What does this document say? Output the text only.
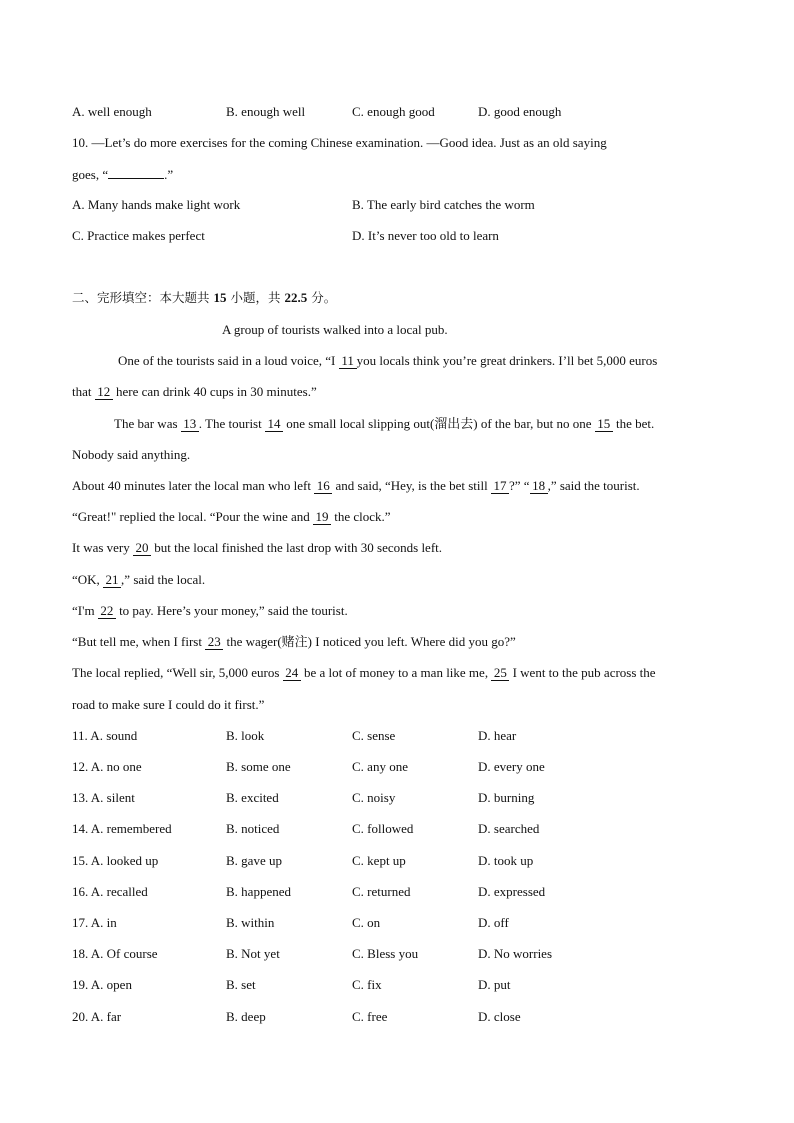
A. well enough	B. enough well	C. enough good	D. good enough
10. —Let’s do more exercises for the coming Chinese examination. —Good idea. Just as an old saying
goes, “	.”
A. Many hands make light work	B. The early bird catches the worm
C. Practice makes perfect	D. It’s never too old to learn
二、完形填空：本大题共 15 小题，共 22.5 分。
A group of tourists walked into a local pub.
One of the tourists said in a loud voice, “I 11 you locals think you’re great drinkers. I’ll bet 5,000 euros
that 12 here can drink 40 cups in 30 minutes.”
The bar was 13 . The tourist 14 one small local slipping out(溜出去) of the bar, but no one 15 the bet.
Nobody said anything.
About 40 minutes later the local man who left 16 and said, “Hey, is the bet still 17 ?” “ 18 ,” said the tourist.
“Great!" replied the local. “Pour the wine and 19 the clock.”
It was very 20 but the local finished the last drop with 30 seconds left.
“OK, 21 ,” said the local.
“I'm 22 to pay. Here’s your money,” said the tourist.
“But tell me, when I first 23 the wager(赌注) I noticed you left. Where did you go?”
The local replied, “Well sir, 5,000 euros 24 be a lot of money to a man like me, 25 I went to the pub across the
road to make sure I could do it first.”
11. A. sound	B. look	C. sense	D. hear
12. A. no one	B. some one	C. any one	D. every one
13. A. silent	B. excited	C. noisy	D. burning
14. A. remembered	B. noticed	C. followed	D. searched
15. A. looked up	B. gave up	C. kept up	D. took up
16. A. recalled	B. happened	C. returned	D. expressed
17. A. in	B. within	C. on	D. off
18. A. Of course	B. Not yet	C. Bless you	D. No worries
19. A. open	B. set	C. fix	D. put
20. A. far	B. deep	C. free	D. close
